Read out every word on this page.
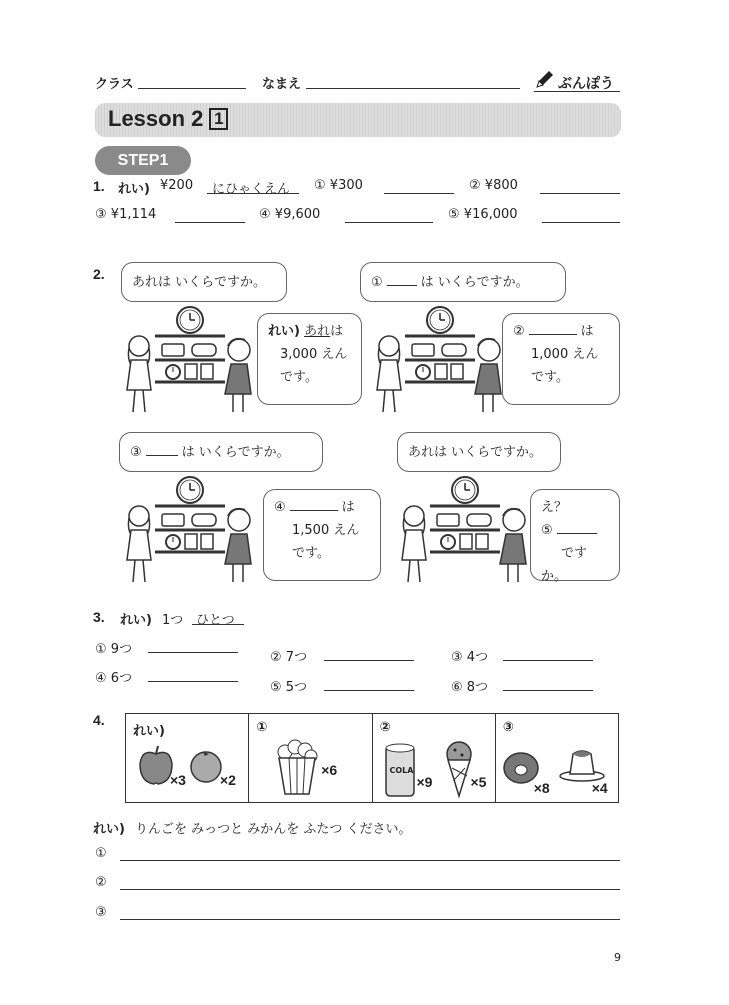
クラス	なまえ	ぶんぽう
Lesson 2 1
STEP1
1. れい) ¥200 にひゃくえん ① ¥300	② ¥800
③ ¥1,114	④ ¥9,600	⑤ ¥16,000
2.
あれは いくらですか。
れい) あれは
3,000 えん
です。
①	は いくらですか。
②	は
1,000 えん
です。
③	は いくらですか。
④	は
1,500 えん
です。
あれは いくらですか。
え？
⑤
ですか。
3. れい) 1つ ひとつ
① 9つ
② 7つ	③ 4つ
④ 6つ
⑤ 5つ	⑥ 8つ
4.
れい)
×3 ×2
①
×6
②
COLA
×9	×5
③
×8	×4
れい) りんごを みっつと みかんを ふたつ ください。
①
②
③
9
